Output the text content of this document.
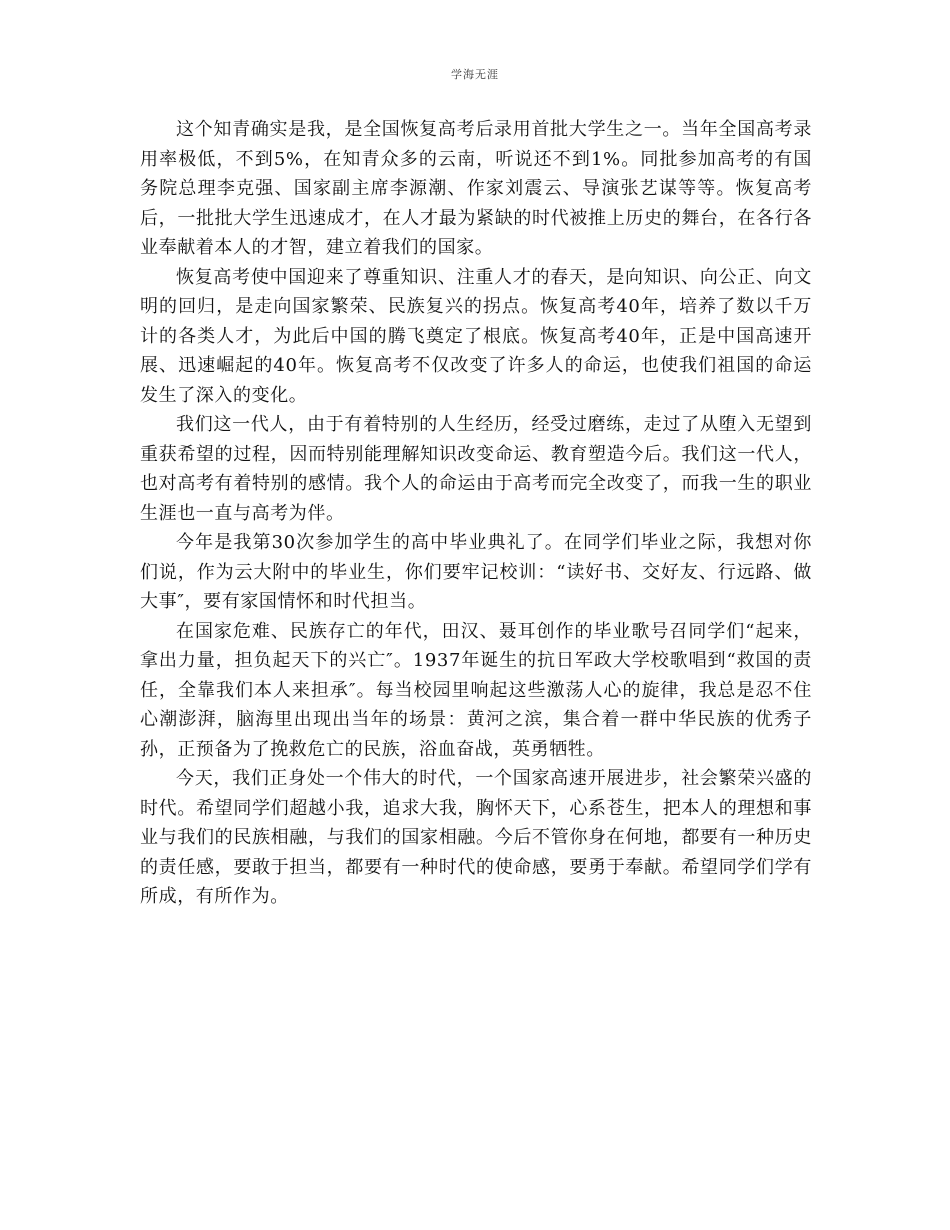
学海无涯

这个知青确实是我，是全国恢复高考后录用首批大学生之一。当年全国高考录用率极低，不到5%，在知青众多的云南，听说还不到1%。同批参加高考的有国务院总理李克强、国家副主席李源潮、作家刘震云、导演张艺谋等等。恢复高考后，一批批大学生迅速成才，在人才最为紧缺的时代被推上历史的舞台，在各行各业奉献着本人的才智，建立着我们的国家。

恢复高考使中国迎来了尊重知识、注重人才的春天，是向知识、向公正、向文明的回归，是走向国家繁荣、民族复兴的拐点。恢复高考40年，培养了数以千万计的各类人才，为此后中国的腾飞奠定了根底。恢复高考40年，正是中国高速开展、迅速崛起的40年。恢复高考不仅改变了许多人的命运，也使我们祖国的命运发生了深入的变化。

我们这一代人，由于有着特别的人生经历，经受过磨练，走过了从堕入无望到重获希望的过程，因而特别能理解知识改变命运、教育塑造今后。我们这一代人，也对高考有着特别的感情。我个人的命运由于高考而完全改变了，而我一生的职业生涯也一直与高考为伴。

今年是我第30次参加学生的高中毕业典礼了。在同学们毕业之际，我想对你们说，作为云大附中的毕业生，你们要牢记校训：“读好书、交好友、行远路、做大事″，要有家国情怀和时代担当。

在国家危难、民族存亡的年代，田汉、聂耳创作的毕业歌号召同学们“起来，拿出力量，担负起天下的兴亡″。1937年诞生的抗日军政大学校歌唱到“救国的责任，全靠我们本人来担承″。每当校园里响起这些激荡人心的旋律，我总是忍不住心潮澎湃，脑海里出现出当年的场景：黄河之滨，集合着一群中华民族的优秀子孙，正预备为了挽救危亡的民族，浴血奋战，英勇牺牲。

今天，我们正身处一个伟大的时代，一个国家高速开展进步，社会繁荣兴盛的时代。希望同学们超越小我，追求大我，胸怀天下，心系苍生，把本人的理想和事业与我们的民族相融，与我们的国家相融。今后不管你身在何地，都要有一种历史的责任感，要敢于担当，都要有一种时代的使命感，要勇于奉献。希望同学们学有所成，有所作为。
